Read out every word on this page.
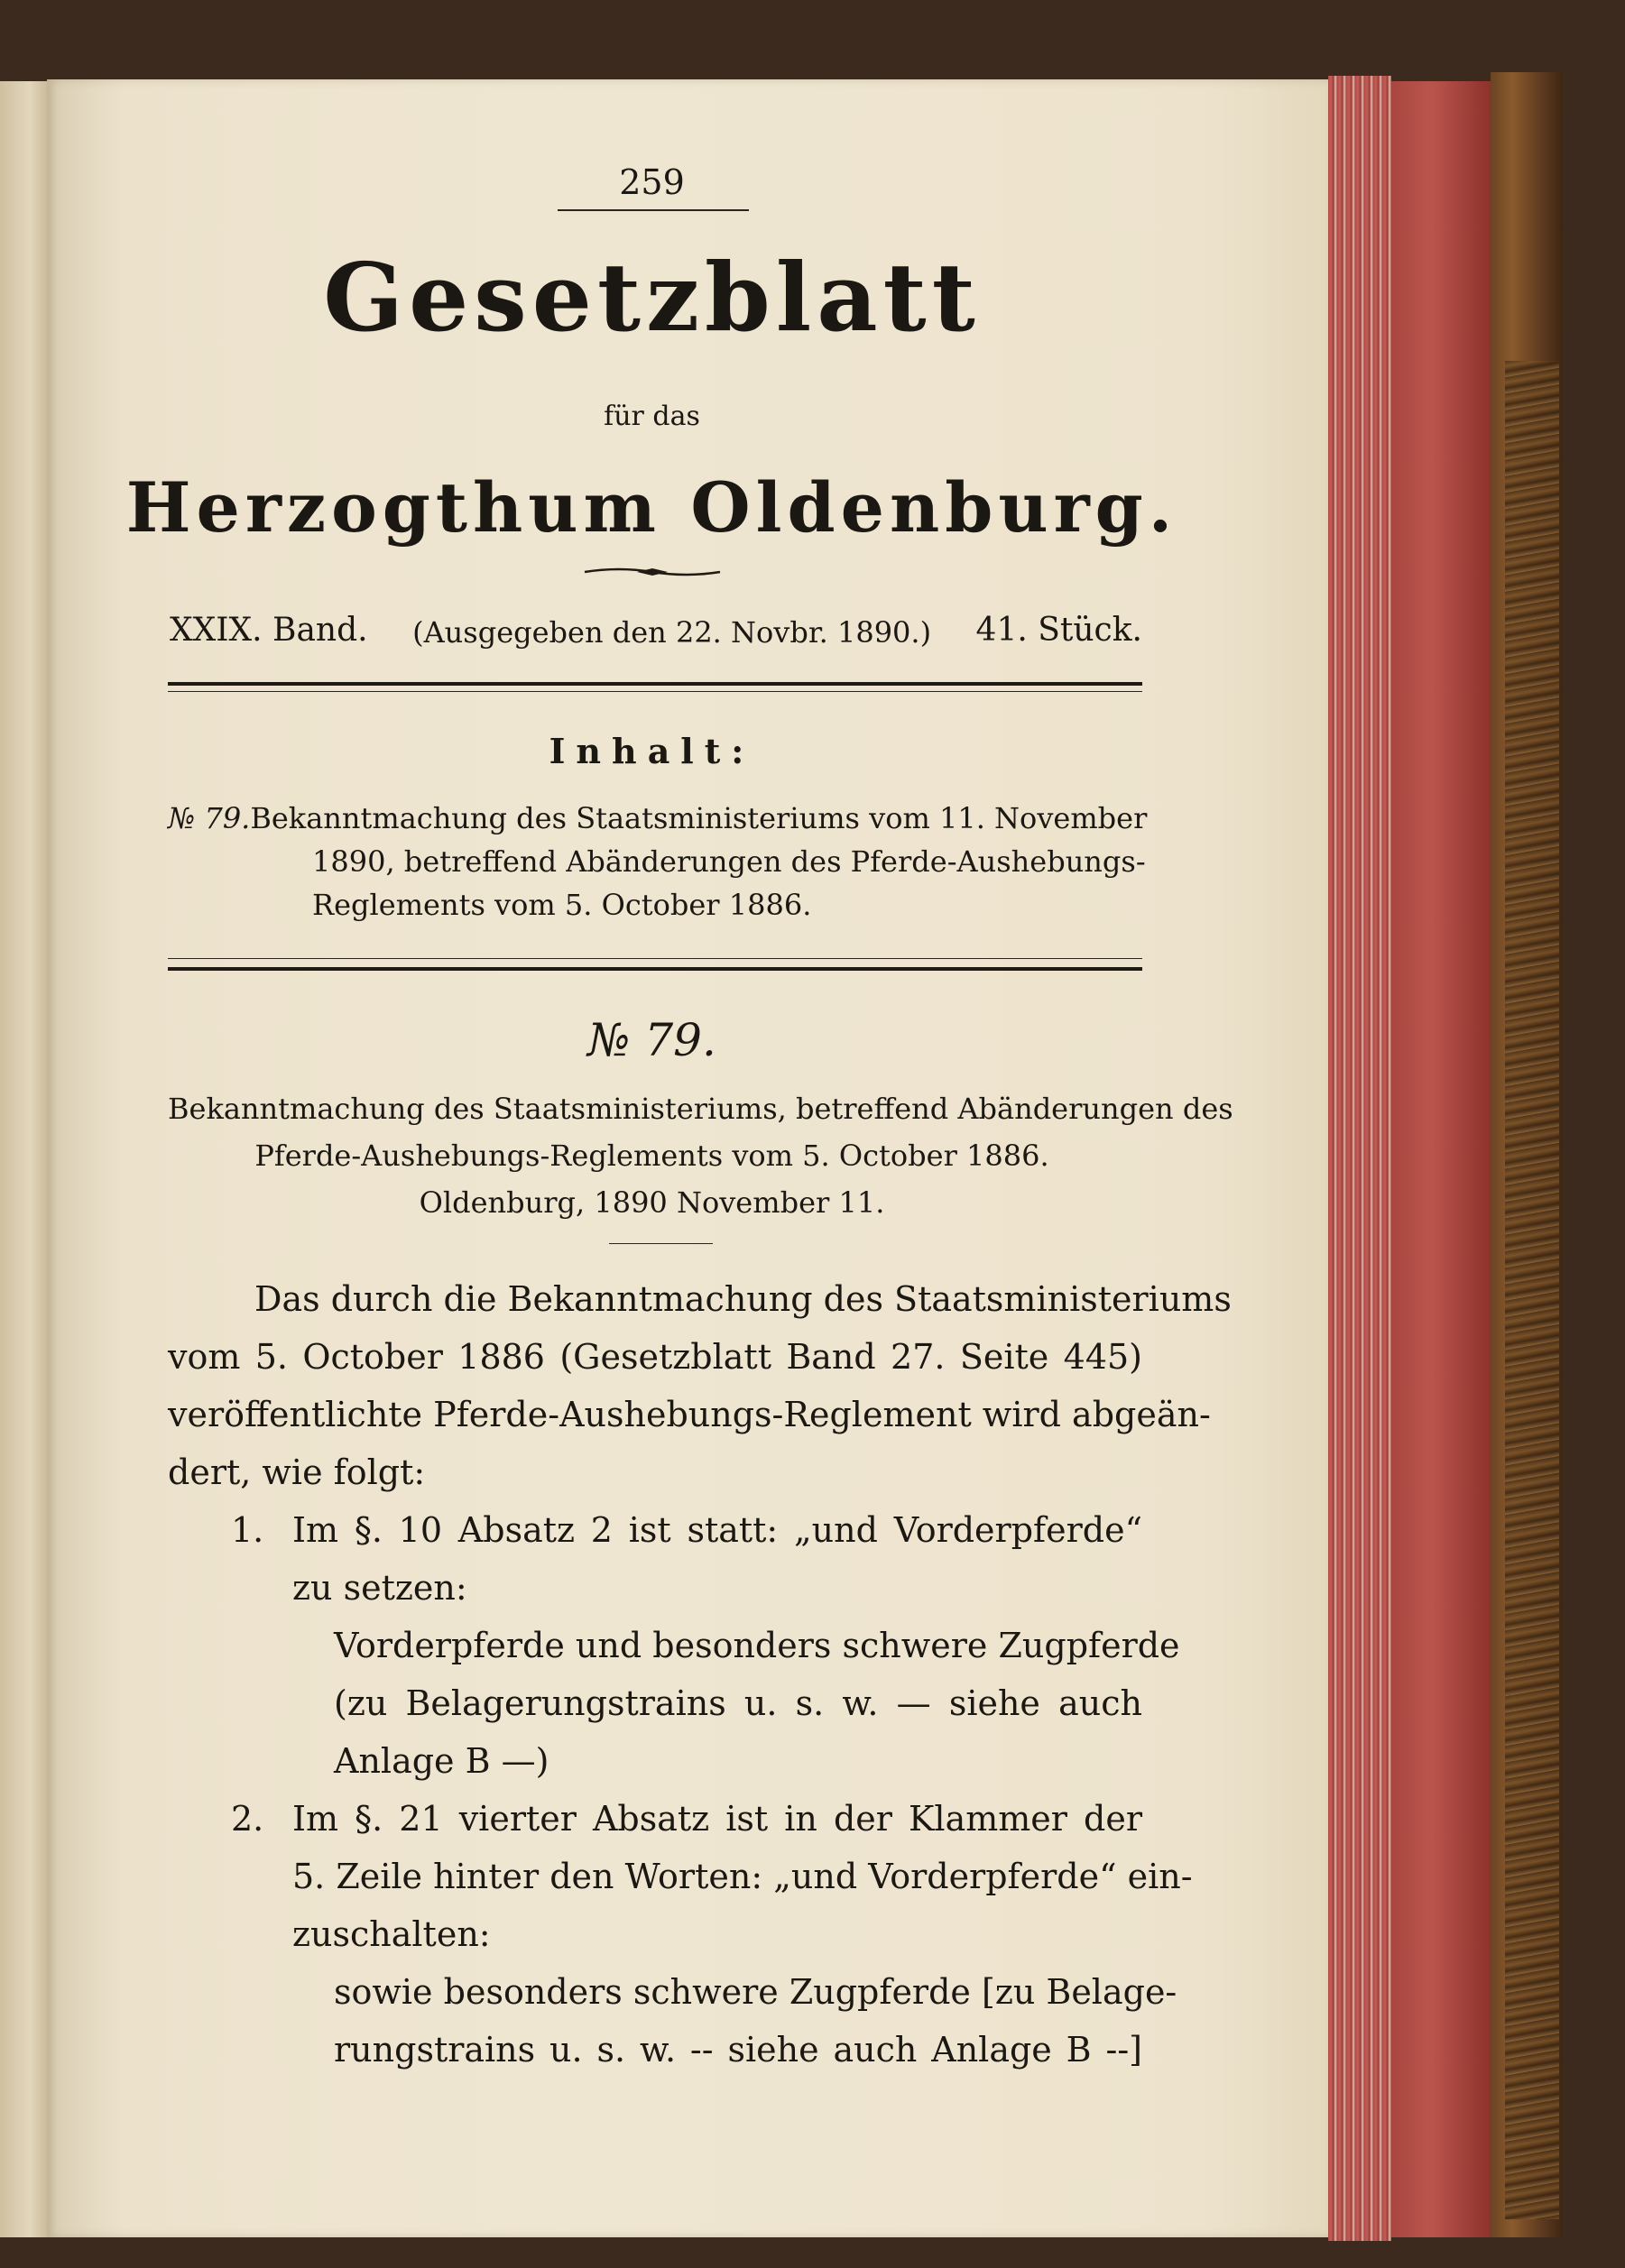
259
Gesetzblatt
für das
Herzogthum Oldenburg.
XXIX. Band. (Ausgegeben den 22. Novbr. 1890.) 41. Stück.
Inhalt:
№ 79. Bekanntmachung des Staatsministeriums vom 11. November
1890, betreffend Abänderungen des Pferde-Aushebungs-
Reglements vom 5. October 1886.
№ 79.
Bekanntmachung des Staatsministeriums, betreffend Abänderungen des
Pferde-Aushebungs-Reglements vom 5. October 1886.
Oldenburg, 1890 November 11.
Das durch die Bekanntmachung des Staatsministeriums
vom 5. October 1886 (Gesetzblatt Band 27. Seite 445)
veröffentlichte Pferde-Aushebungs-Reglement wird abgeän-
dert, wie folgt:
1. Im §. 10 Absatz 2 ist statt: „und Vorderpferde“
zu setzen:
Vorderpferde und besonders schwere Zugpferde
(zu Belagerungstrains u. s. w. — siehe auch
Anlage B —)
2. Im §. 21 vierter Absatz ist in der Klammer der
5. Zeile hinter den Worten: „und Vorderpferde“ ein-
zuschalten:
sowie besonders schwere Zugpferde [zu Belage-
rungstrains u. s. w. -- siehe auch Anlage B --]
